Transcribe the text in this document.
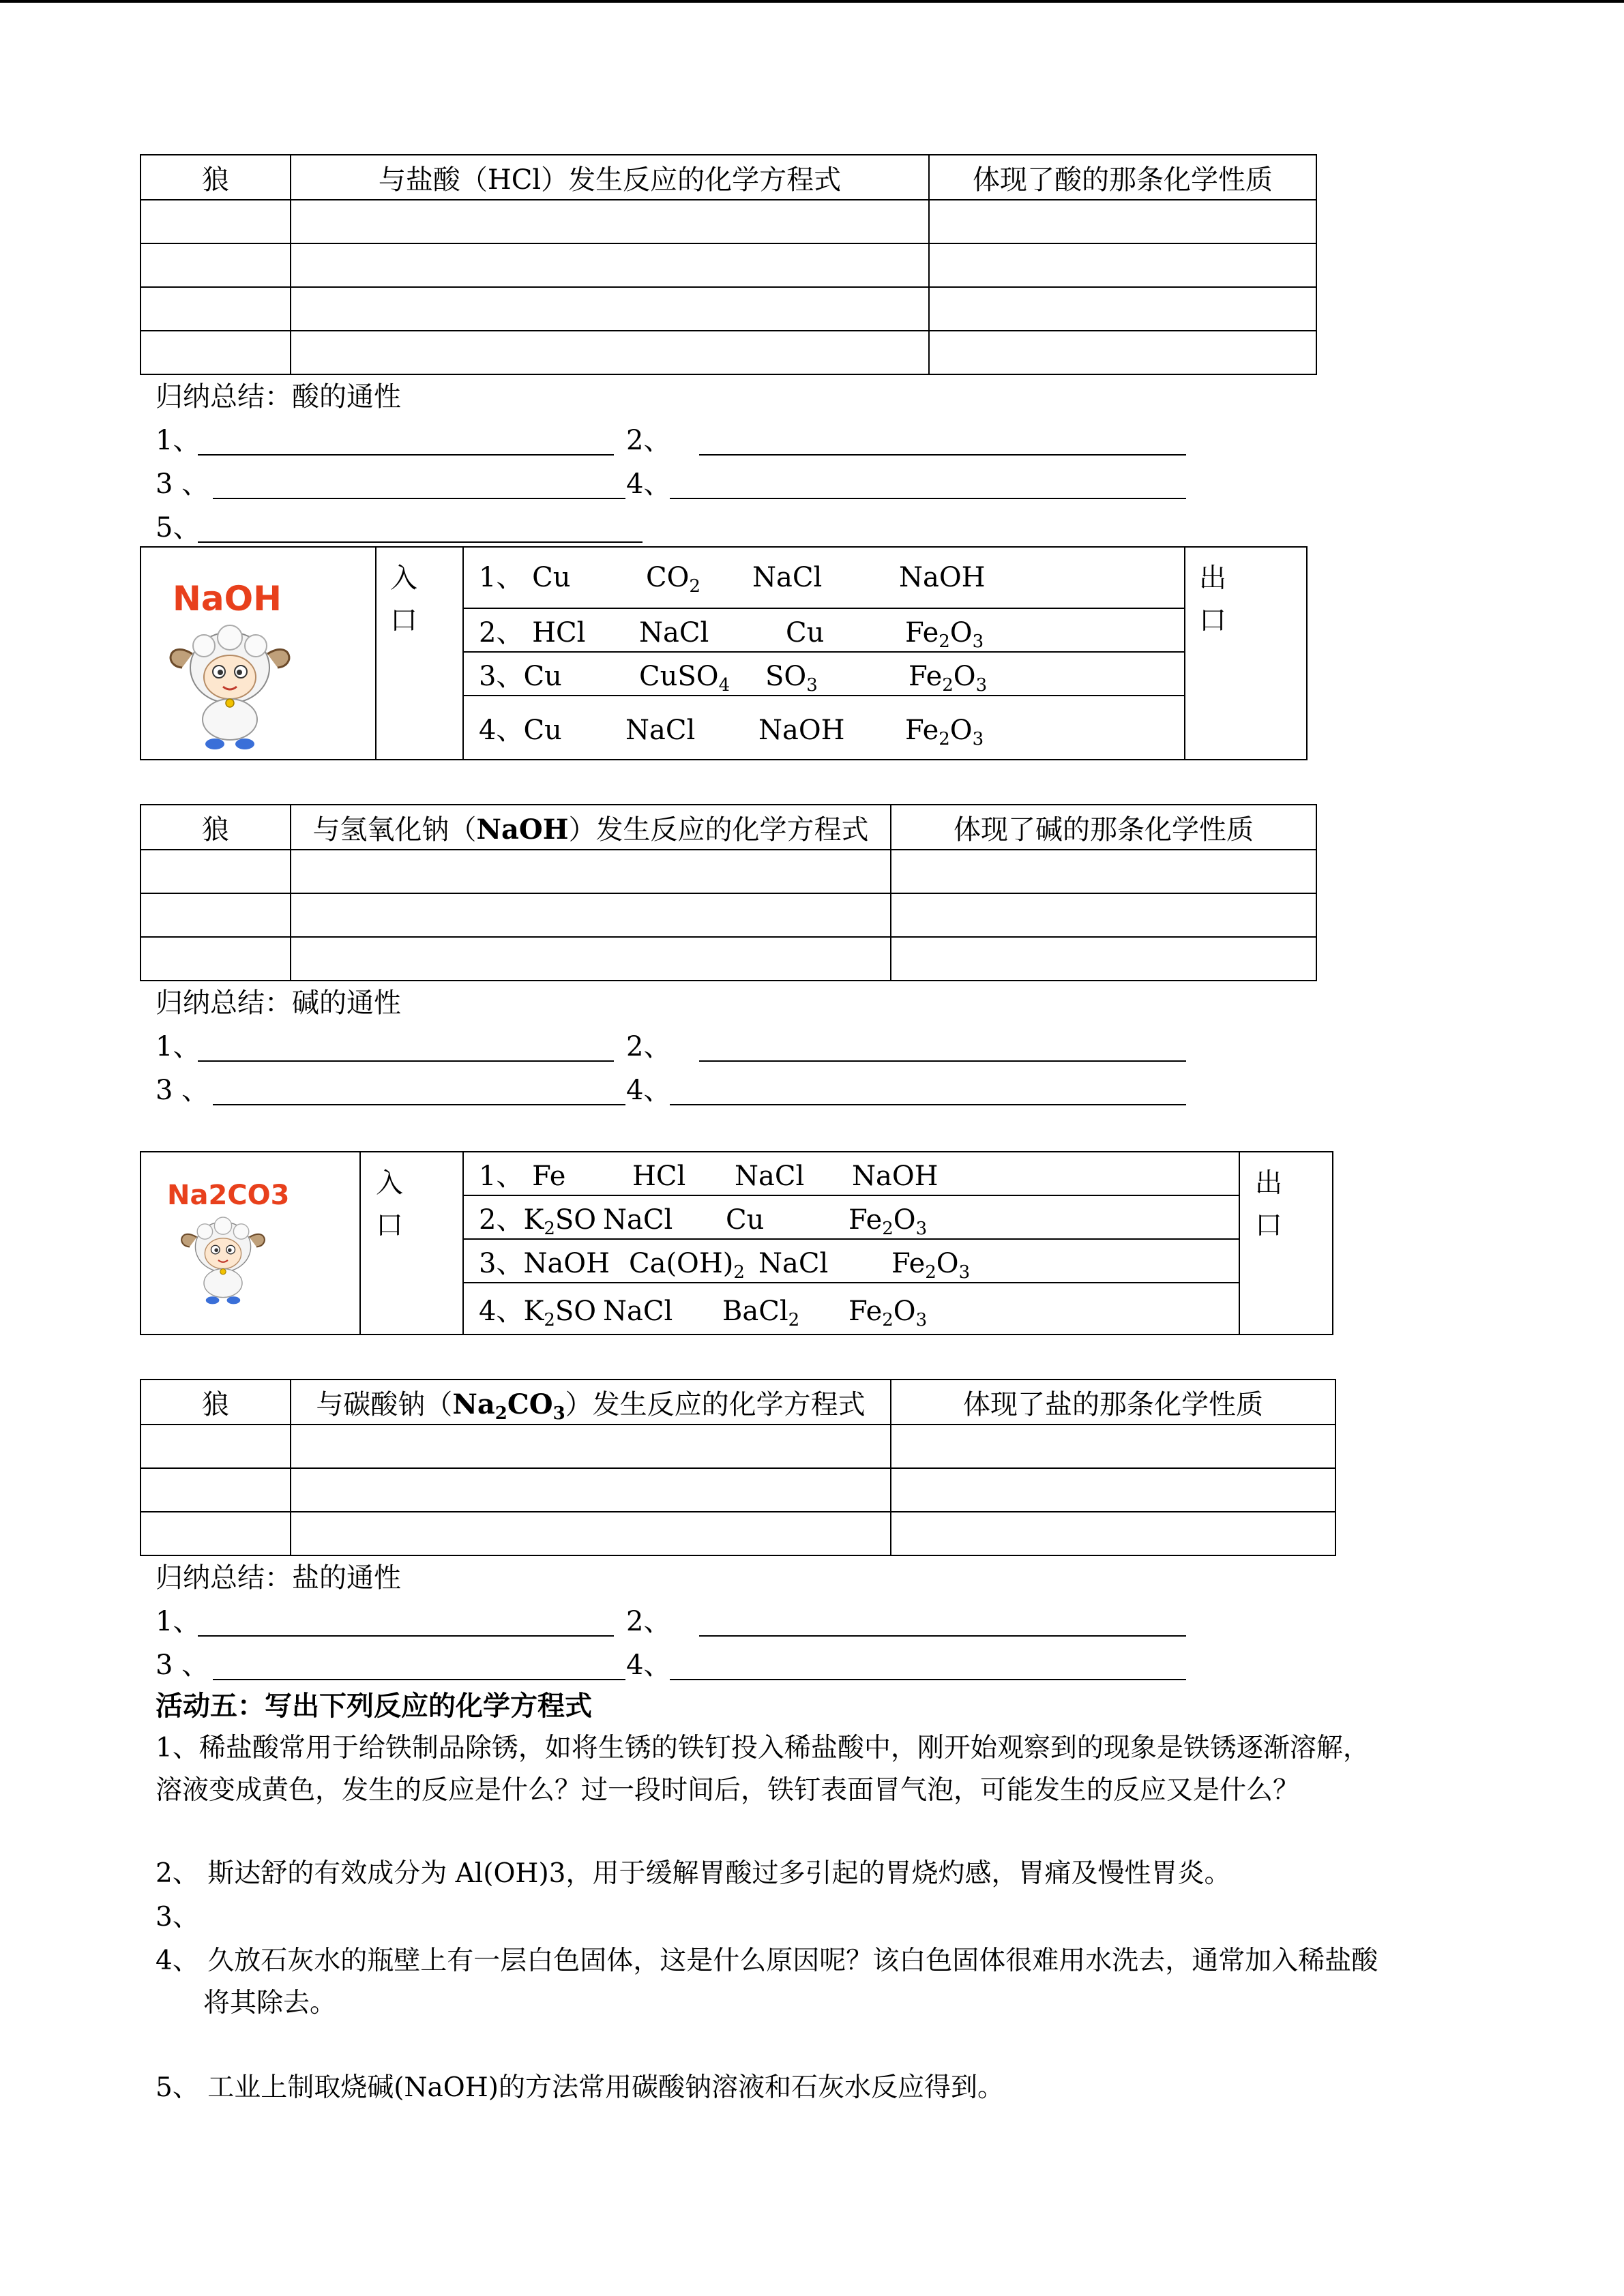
狼	与盐酸（HCl）发生反应的化学方程式	体现了酸的那条化学性质

归纳总结：酸的通性
1、	2、
3 、	4、
5、
NaOH

入
口
	1、 Cu	$CO_2$ NaCl	NaOH	出
口

2、 HCl NaCl	Cu	$Fe_2O_3$
3、Cu	CuSO$_4$ $SO_3$	$Fe_2O_3$
4、Cu NaCl NaOH $Fe_2O_3$
狼	与氢氧化钠（NaOH）发生反应的化学方程式	体现了碱的那条化学性质

归纳总结：碱的通性
1、	2、
3 、	4、
Na2CO3	入
口
	1、 Fe HCl NaCl NaOH	出
口

2、$K_2SO$ NaCl Cu	$Fe_2O_3$
3、NaOH $Ca(OH)_2$ NaCl $Fe_2O_3$
4、$K_2SO$ NaCl BaCl$_2$ $Fe_2O_3$
狼	与碳酸钠$(Na_2CO_3)$发生反应的化学方程式	体现了盐的那条化学性质

归纳总结：盐的通性
1、	2、
3 、	4、
活动五：写出下列反应的化学方程式
1、稀盐酸常用于给铁制品除锈，如将生锈的铁钉投入稀盐酸中，刚开始观察到的现象是铁锈逐渐溶解，
溶液变成黄色，发生的反应是什么？过一段时间后，铁钉表面冒气泡，可能发生的反应又是什么？
2、 斯达舒的有效成分为 Al(OH)3，用于缓解胃酸过多引起的胃烧灼感，胃痛及慢性胃炎。
3、
4、 久放石灰水的瓶壁上有一层白色固体，这是什么原因呢？该白色固体很难用水洗去，通常加入稀盐酸
将其除去。
5、 工业上制取烧碱(NaOH)的方法常用碳酸钠溶液和石灰水反应得到。
